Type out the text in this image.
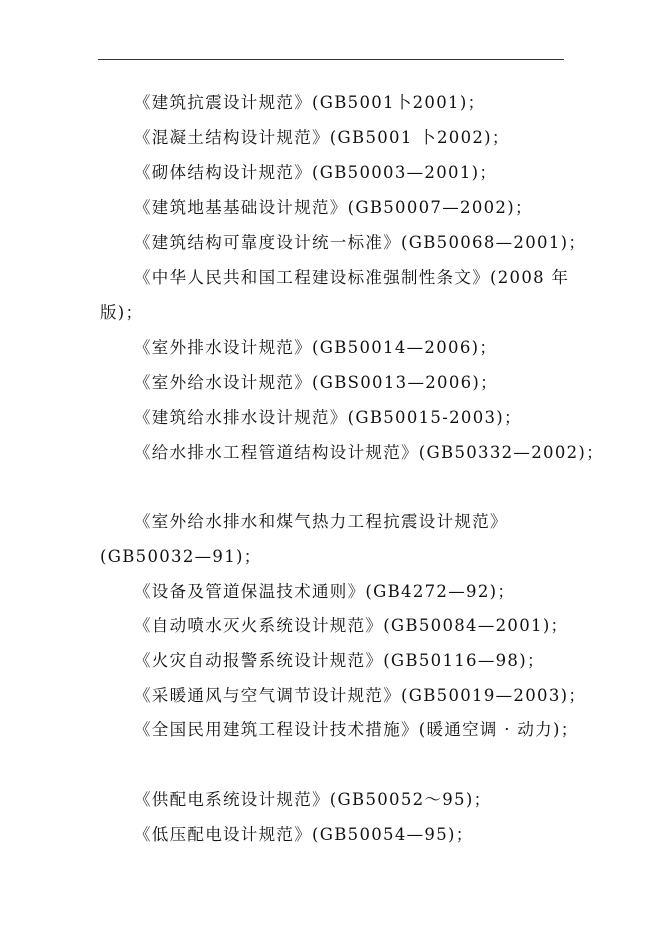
《建筑抗震设计规范》(GB5001卜2001)；
《混凝土结构设计规范》(GB5001 卜2002)；
《砌体结构设计规范》(GB50003—2001)；
《建筑地基基础设计规范》(GB50007—2002)；
《建筑结构可靠度设计统一标准》(GB50068—2001)；
《中华人民共和国工程建设标准强制性条文》(2008 年
版)；
《室外排水设计规范》(GB50014—2006)；
《室外给水设计规范》(GBS0013—2006)；
《建筑给水排水设计规范》(GB50015-2003)；
《给水排水工程管道结构设计规范》(GB50332—2002)；
《室外给水排水和煤气热力工程抗震设计规范》
(GB50032—91)；
《设备及管道保温技术通则》(GB4272—92)；
《自动喷水灭火系统设计规范》(GB50084—2001)；
《火灾自动报警系统设计规范》(GB50116—98)；
《采暖通风与空气调节设计规范》(GB50019—2003)；
《全国民用建筑工程设计技术措施》(暖通空调 · 动力)；
《供配电系统设计规范》(GB50052～95)；
《低压配电设计规范》(GB50054—95)；
